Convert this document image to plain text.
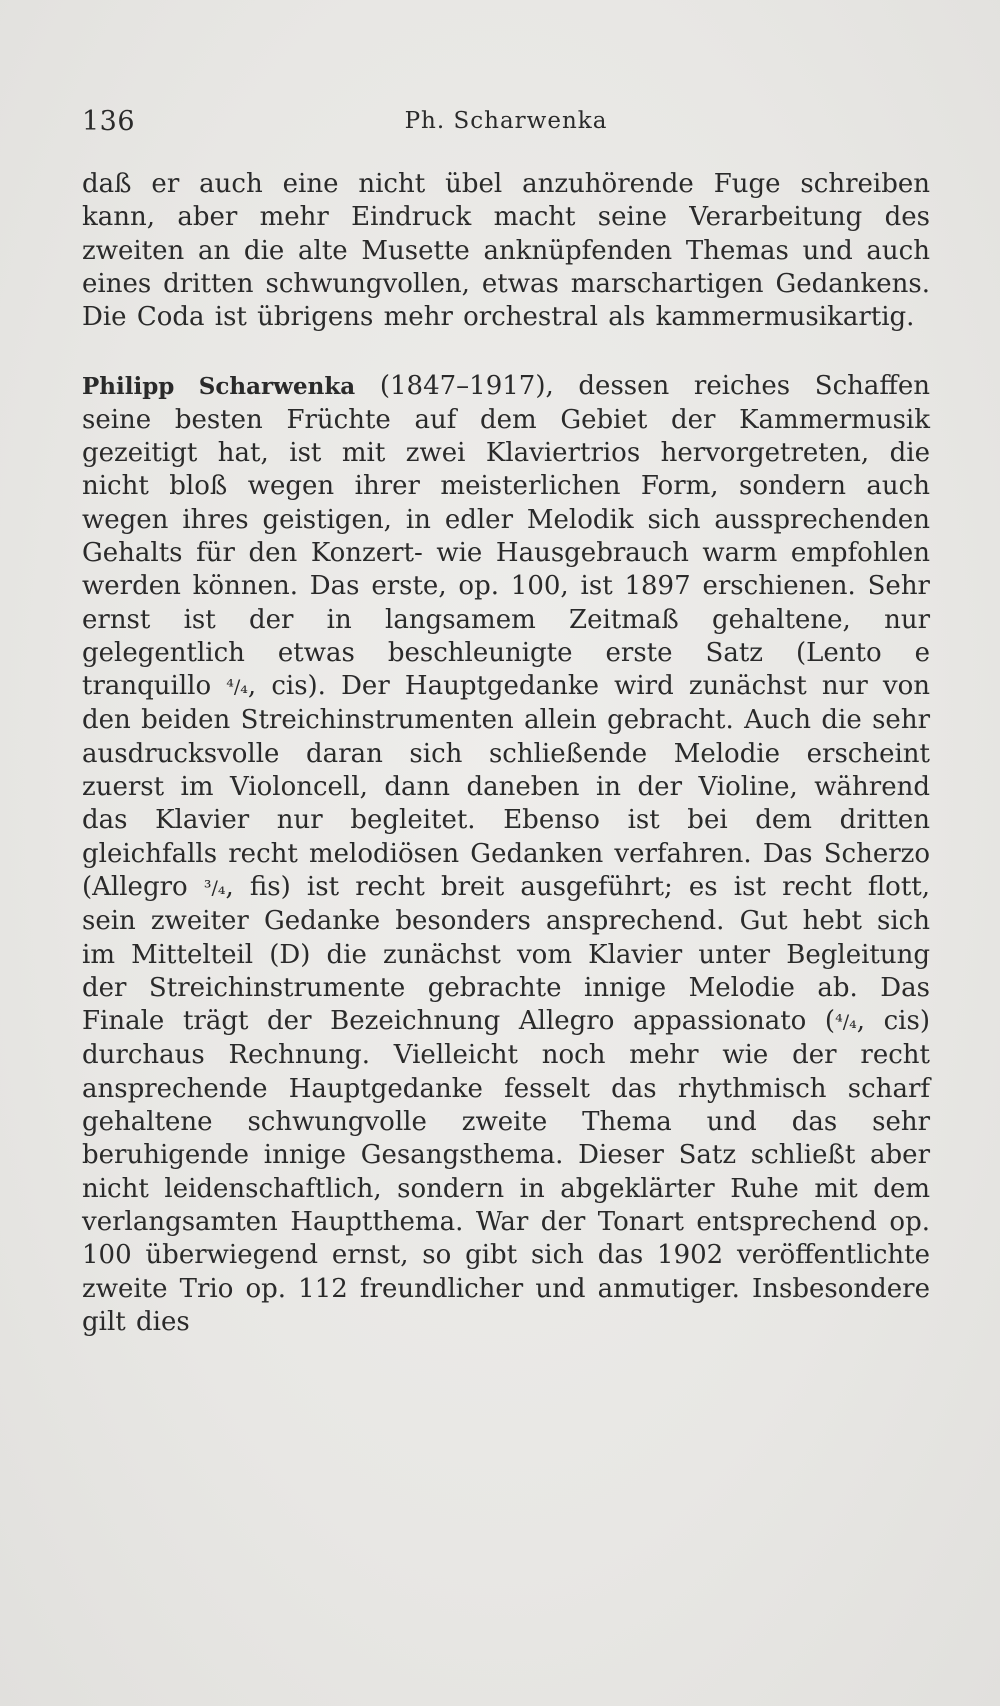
136	Ph. Scharwenka

daß er auch eine nicht übel anzuhörende Fuge schreiben kann, aber mehr Eindruck macht seine Verarbeitung des zweiten an die alte Musette anknüpfenden Themas und auch eines dritten schwungvollen, etwas marschartigen Gedankens. Die Coda ist übrigens mehr orchestral als kammermusikartig.

Philipp Scharwenka (1847–1917), dessen reiches Schaffen seine besten Früchte auf dem Gebiet der Kammermusik gezeitigt hat, ist mit zwei Klaviertrios hervorgetreten, die nicht bloß wegen ihrer meisterlichen Form, sondern auch wegen ihres geistigen, in edler Melodik sich aussprechenden Gehalts für den Konzert- wie Hausgebrauch warm empfohlen werden können. Das erste, op. 100, ist 1897 erschienen. Sehr ernst ist der in langsamem Zeitmaß gehaltene, nur gelegentlich etwas beschleunigte erste Satz (Lento e tranquillo ⁴/₄, cis). Der Hauptgedanke wird zunächst nur von den beiden Streichinstrumenten allein gebracht. Auch die sehr ausdrucksvolle daran sich schließende Melodie erscheint zuerst im Violoncell, dann daneben in der Violine, während das Klavier nur begleitet. Ebenso ist bei dem dritten gleichfalls recht melodiösen Gedanken verfahren. Das Scherzo (Allegro ³/₄, fis) ist recht breit ausgeführt; es ist recht flott, sein zweiter Gedanke besonders ansprechend. Gut hebt sich im Mittelteil (D) die zunächst vom Klavier unter Begleitung der Streichinstrumente gebrachte innige Melodie ab. Das Finale trägt der Bezeichnung Allegro appassionato (⁴/₄, cis) durchaus Rechnung. Vielleicht noch mehr wie der recht ansprechende Hauptgedanke fesselt das rhythmisch scharf gehaltene schwungvolle zweite Thema und das sehr beruhigende innige Gesangsthema. Dieser Satz schließt aber nicht leidenschaftlich, sondern in abgeklärter Ruhe mit dem verlangsamten Hauptthema. War der Tonart entsprechend op. 100 überwiegend ernst, so gibt sich das 1902 veröffentlichte zweite Trio op. 112 freundlicher und anmutiger. Insbesondere gilt dies
